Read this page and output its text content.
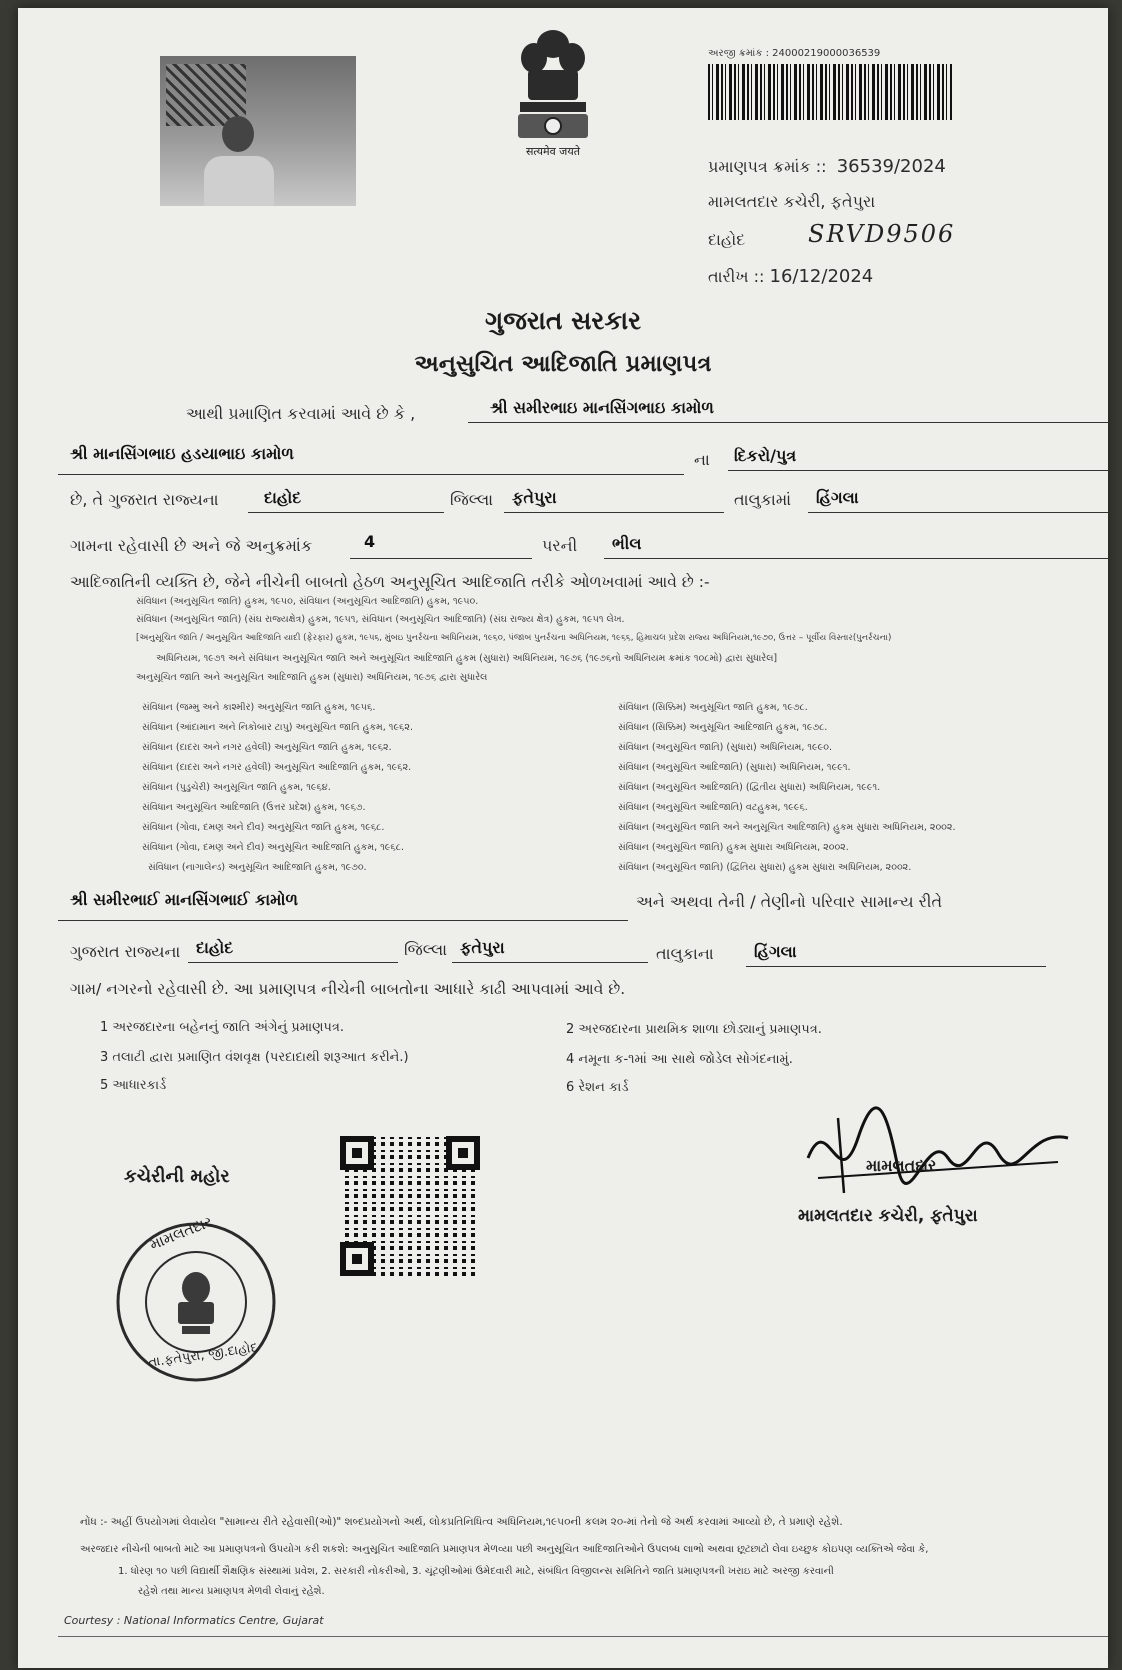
सत्यमेव जयते
અરજી ક્રમાંક : 24000219000036539
પ્રમાણપત્ર ક્રમાંક :: 36539/2024
મામલતદાર કચેરી, ફતેપુરા
દાહોદ	SRVD9506
તારીખ :: 16/12/2024
ગુજરાત સરકાર
અનુસુચિત આદિજાતિ પ્રમાણપત્ર
આથી પ્રમાણિત કરવામાં આવે છે કે ,	શ્રી સમીરભાઇ માનસિંગભાઇ કામોળ
શ્રી માનસિંગભાઇ હડયાભાઇ કામોળ	ના દિકરો/પુત્ર
છે, તે ગુજરાત રાજ્યના	દાહોદ	જિલ્લા ફતેપુરા	તાલુકામાં હિંગલા
ગામના રહેવાસી છે અને જે અનુક્રમાંક	4	પરની ભીલ
આદિજાતિની વ્યક્તિ છે, જેને નીચેની બાબતો હેઠળ અનુસૂચિત આદિજાતિ તરીકે ઓળખવામાં આવે છે :-
સંવિધાન (અનુસૂચિત જાતિ) હુકમ, ૧૯૫૦, સંવિધાન (અનુસૂચિત આદિજાતિ) હુકમ, ૧૯૫૦.
સંવિધાન (અનુસૂચિત જાતિ) (સંઘ રાજ્યક્ષેત્ર) હુકમ, ૧૯૫૧, સંવિધાન (અનુસૂચિત આદિજાતિ) (સંઘ રાજ્ય ક્ષેત્ર) હુકમ, ૧૯૫૧ લેખ.
[અનુસૂચિત જાતિ / અનુસૂચિત આદિજાતિ યાદી (ફેરફાર) હુકમ, ૧૯૫૬, મુંબઇ પુનર્રચના અધિનિયમ, ૧૯૬૦, પંજાબ પુનર્રચના અધિનિયમ, ૧૯૬૬, હિમાચલ પ્રદેશ રાજ્ય અધિનિયમ,૧૯૭૦, ઉત્તર – પૂર્વીય વિસ્તાર(પુનર્રચના)
અધિનિયમ, ૧૯૭૧ અને સંવિધાન અનુસૂચિત જાતિ અને અનુસૂચિત આદિજાતિ હુકમ (સુધારા) અધિનિયમ, ૧૯૭૬ (૧૯૭૬નો અધિનિયમ ક્રમાંક ૧૦૮મો) દ્વારા સુધારેલ]
અનુસૂચિત જાતિ અને અનુસૂચિત આદિજાતિ હુકમ (સુધારા) અધિનિયમ, ૧૯૭૬ દ્વારા સુધારેલ
સંવિધાન (જમ્મુ અને કાશ્મીર) અનુસૂચિત જાતિ હુકમ, ૧૯૫૬.
સંવિધાન (આંદામાન અને નિકોબાર ટાપુ) અનુસૂચિત જાતિ હુકમ, ૧૯૬૨.
સંવિધાન (દાદરા અને નગર હવેલી) અનુસૂચિત જાતિ હુકમ, ૧૯૬૨.
સંવિધાન (દાદરા અને નગર હવેલી) અનુસૂચિત આદિજાતિ હુકમ, ૧૯૬૨.
સંવિધાન (પુડુચેરી) અનુસૂચિત જાતિ હુકમ, ૧૯૬૪.
સંવિધાન અનુસૂચિત આદિજાતિ (ઉત્તર પ્રદેશ) હુકમ, ૧૯૬૭.
સંવિધાન (ગોવા, દમણ અને દીવ) અનુસૂચિત જાતિ હુકમ, ૧૯૬૮.
સંવિધાન (ગોવા, દમણ અને દીવ) અનુસૂચિત આદિજાતિ હુકમ, ૧૯૬૮.
સંવિધાન (નાગાલેન્ડ) અનુસૂચિત આદિજાતિ હુકમ, ૧૯૭૦.
સંવિધાન (સિક્કિમ) અનુસૂચિત જાતિ હુકમ, ૧૯૭૮.
સંવિધાન (સિક્કિમ) અનુસૂચિત આદિજાતિ હુકમ, ૧૯૭૮.
સંવિધાન (અનુસૂચિત જાતિ) (સુધારા) અધિનિયમ, ૧૯૯૦.
સંવિધાન (અનુસૂચિત આદિજાતિ) (સુધારા) અધિનિયમ, ૧૯૯૧.
સંવિધાન (અનુસૂચિત આદિજાતિ) (દ્વિતીય સુધારા) અધિનિયમ, ૧૯૯૧.
સંવિધાન (અનુસૂચિત આદિજાતિ) વટહુકમ, ૧૯૯૬.
સંવિધાન (અનુસૂચિત જાતિ અને અનુસૂચિત આદિજાતિ) હુકમ સુધારા અધિનિયમ, ૨૦૦૨.
સંવિધાન (અનુસૂચિત જાતિ) હુકમ સુધારા અધિનિયમ, ૨૦૦૨.
સંવિધાન (અનુસૂચિત જાતિ) (દ્વિતિય સુધારા) હુકમ સુધારા અધિનિયમ, ૨૦૦૨.
શ્રી સમીરભાઈ માનસિંગભાઈ કામોળ	અને અથવા તેની / તેણીનો પરિવાર સામાન્ય રીતે
ગુજરાત રાજ્યના દાહોદ	જિલ્લા ફતેપુરા	તાલુકાના	હિંગલા
ગામ/ નગરનો રહેવાસી છે. આ પ્રમાણપત્ર નીચેની બાબતોના આધારે કાઢી આપવામાં આવે છે.
1 અરજદારના બહેનનું જાતિ અંગેનું પ્રમાણપત્ર.	2 અરજદારના પ્રાથમિક શાળા છોડ્યાનું પ્રમાણપત્ર.
3 તલાટી દ્વારા પ્રમાણિત વંશવૃક્ષ (પરદાદાથી શરૂઆત કરીને.)	4 નમૂના ક-૧માં આ સાથે જોડેલ સોગંદનામું.
5 આધારકાર્ડ	6 રેશન કાર્ડ
કચેરીની મહોર
મામલતદાર
તા.ફતેપુરા, જી.દાહોદ
મામલતદાર
મામલતદાર કચેરી, ફતેપુરા
નોંધ :- અહીં ઉપયોગમાં લેવાયેલ "સામાન્ય રીતે રહેવાસી(ઓ)" શબ્દપ્રયોગનો અર્થ, લોકપ્રતિનિધિત્વ અધિનિયમ,૧૯૫૦ની કલમ ૨૦-માં તેનો જે અર્થ કરવામાં આવ્યો છે, તે પ્રમાણે રહેશે.
અરજદાર નીચેની બાબતો માટે આ પ્રમાણપત્રનો ઉપયોગ કરી શકશે: અનુસૂચિત આદિજાતિ પ્રમાણપત્ર મેળવ્યા પછી અનુસૂચિત આદિજાતિઓને ઉપલબ્ધ લાભો અથવા છૂટછાટો લેવા ઇચ્છુક કોઇપણ વ્યક્તિએ જેવા કે,
1. ધોરણ ૧૦ પછી વિદ્યાર્થી શૈક્ષણિક સંસ્થામાં પ્રવેશ, 2. સરકારી નોકરીઓ, 3. ચૂંટણીઓમાં ઉમેદવારી માટે, સંબંધિત વિજીલન્સ સમિતિને જાતિ પ્રમાણપત્રની ખરાઇ માટે અરજી કરવાની
રહેશે તથા માન્ય પ્રમાણપત્ર મેળવી લેવાનું રહેશે.
Courtesy : National Informatics Centre, Gujarat
